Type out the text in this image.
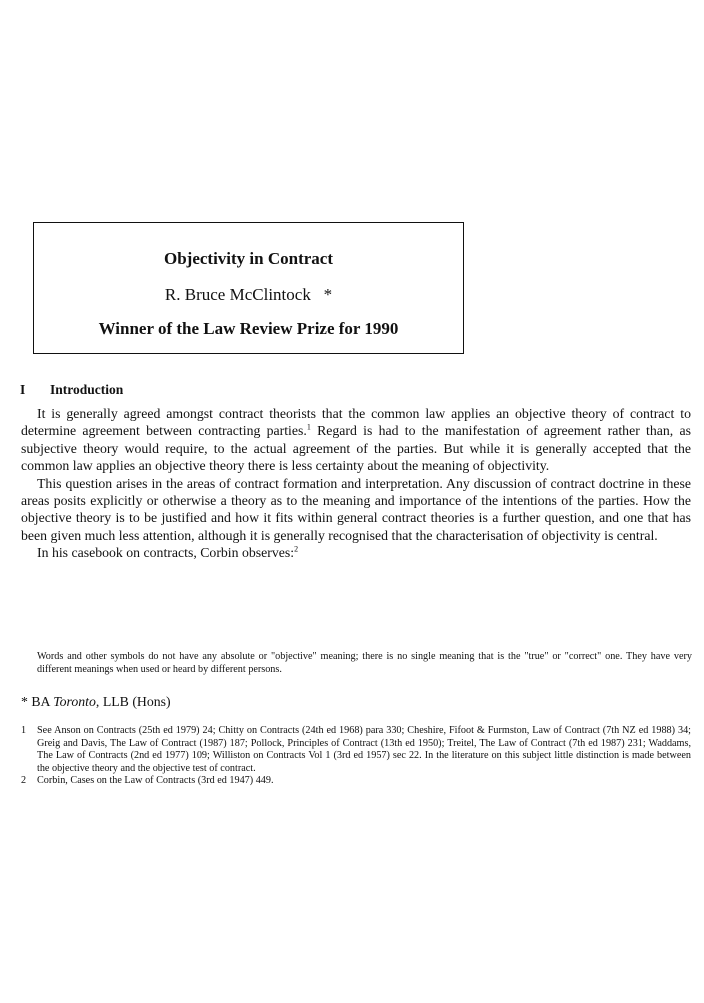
Objectivity in Contract
R. Bruce McClintock *
Winner of the Law Review Prize for 1990
I Introduction

It is generally agreed amongst contract theorists that the common law applies an objective theory of contract to determine agreement between contracting parties.$^1$ Regard is had to the manifestation of agreement rather than, as subjective theory would require, to the actual agreement of the parties. But while it is generally accepted that the common law applies an objective theory there is less certainty about the meaning of objectivity.

This question arises in the areas of contract formation and interpretation. Any discussion of contract doctrine in these areas posits explicitly or otherwise a theory as to the meaning and importance of the intentions of the parties. How the objective theory is to be justified and how it fits within general contract theories is a further question, and one that has been given much less attention, although it is generally recognised that the characterisation of objectivity is central.

In his casebook on contracts, Corbin observes:$^2$

Words and other symbols do not have any absolute or "objective" meaning; there is no single meaning that is the "true" or "correct" one. They have very different meanings when used or heard by different persons.
* BA Toronto, LLB (Hons)
1	See Anson on Contracts (25th ed 1979) 24; Chitty on Contracts (24th ed 1968) para 330; Cheshire, Fifoot & Furmston, Law of Contract (7th NZ ed 1988) 34; Greig and Davis, The Law of Contract (1987) 187; Pollock, Principles of Contract (13th ed 1950); Treitel, The Law of Contract (7th ed 1987) 231; Waddams, The Law of Contracts (2nd ed 1977) 109; Williston on Contracts Vol 1 (3rd ed 1957) sec 22. In the literature on this subject little distinction is made between the objective theory and the objective test of contract.
2	Corbin, Cases on the Law of Contracts (3rd ed 1947) 449.
